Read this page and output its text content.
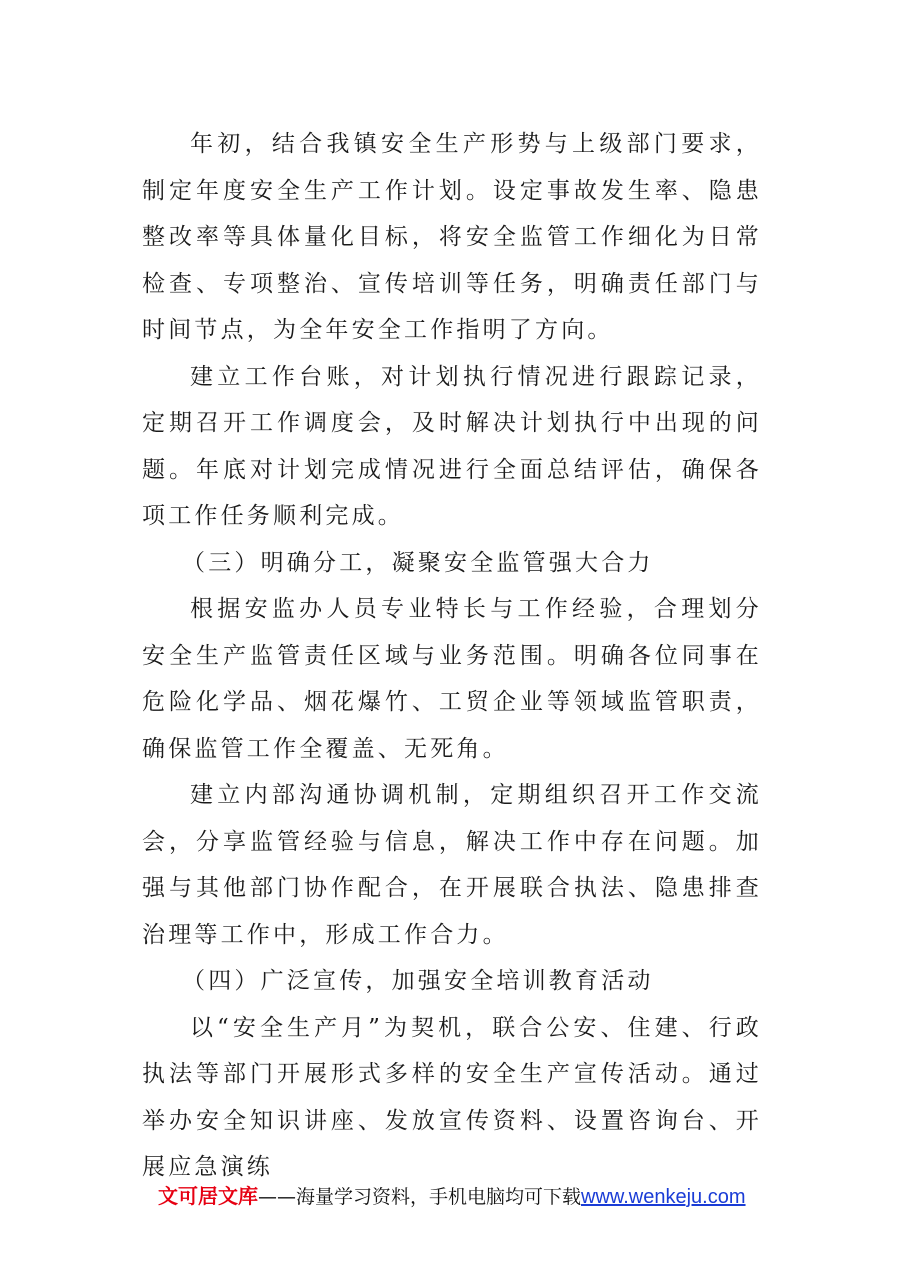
年初，结合我镇安全生产形势与上级部门要求，制定年度安全生产工作计划。设定事故发生率、隐患整改率等具体量化目标，将安全监管工作细化为日常检查、专项整治、宣传培训等任务，明确责任部门与时间节点，为全年安全工作指明了方向。

建立工作台账，对计划执行情况进行跟踪记录，定期召开工作调度会，及时解决计划执行中出现的问题。年底对计划完成情况进行全面总结评估，确保各项工作任务顺利完成。

（三）明确分工，凝聚安全监管强大合力

根据安监办人员专业特长与工作经验，合理划分安全生产监管责任区域与业务范围。明确各位同事在危险化学品、烟花爆竹、工贸企业等领域监管职责，确保监管工作全覆盖、无死角。

建立内部沟通协调机制，定期组织召开工作交流会，分享监管经验与信息，解决工作中存在问题。加强与其他部门协作配合，在开展联合执法、隐患排查治理等工作中，形成工作合力。

（四）广泛宣传，加强安全培训教育活动

以“安全生产月”为契机，联合公安、住建、行政执法等部门开展形式多样的安全生产宣传活动。通过举办安全知识讲座、发放宣传资料、设置咨询台、开展应急演练

文可居文库——海量学习资料，手机电脑均可下载www.wenkeju.com
